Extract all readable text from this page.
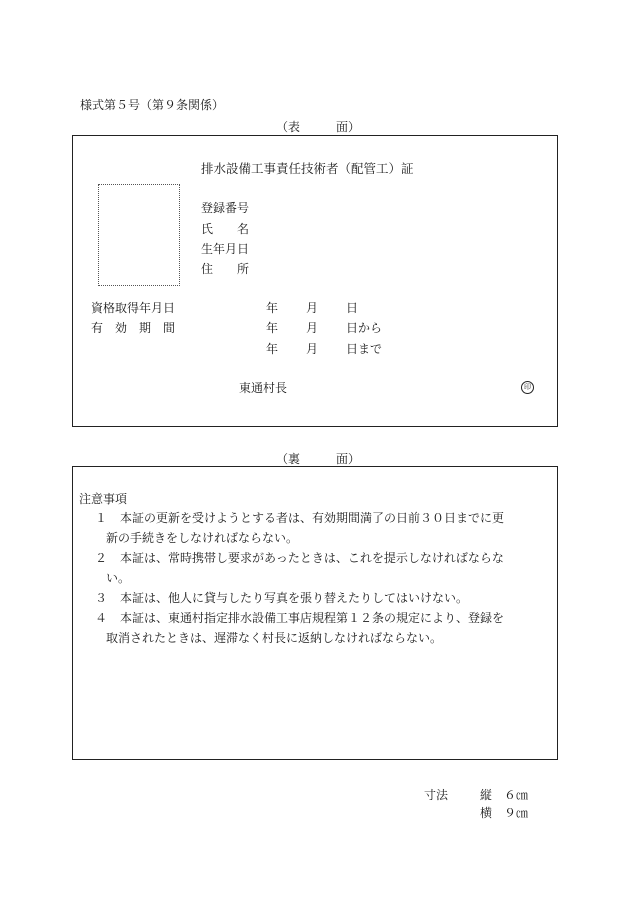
様式第５号（第９条関係）
（表　　　面）
排水設備工事責任技術者（配管工）証
登録番号
氏　　名
生年月日
住　　所
資格取得年月日
有　効　期　間
年 月 日
年 月 日から
年 月 日まで
東通村長	印
（裏　　　面）
注意事項
１ 本証の更新を受けようとする者は、有効期間満了の日前３０日までに更
新の手続きをしなければならない。
２ 本証は、常時携帯し要求があったときは、これを提示しなければならな
い。
３ 本証は、他人に貸与したり写真を張り替えたりしてはいけない。
４ 本証は、東通村指定排水設備工事店規程第１２条の規定により、登録を
取消されたときは、遅滞なく村長に返納しなければならない。
寸法	縦 ６㎝
横 ９㎝
